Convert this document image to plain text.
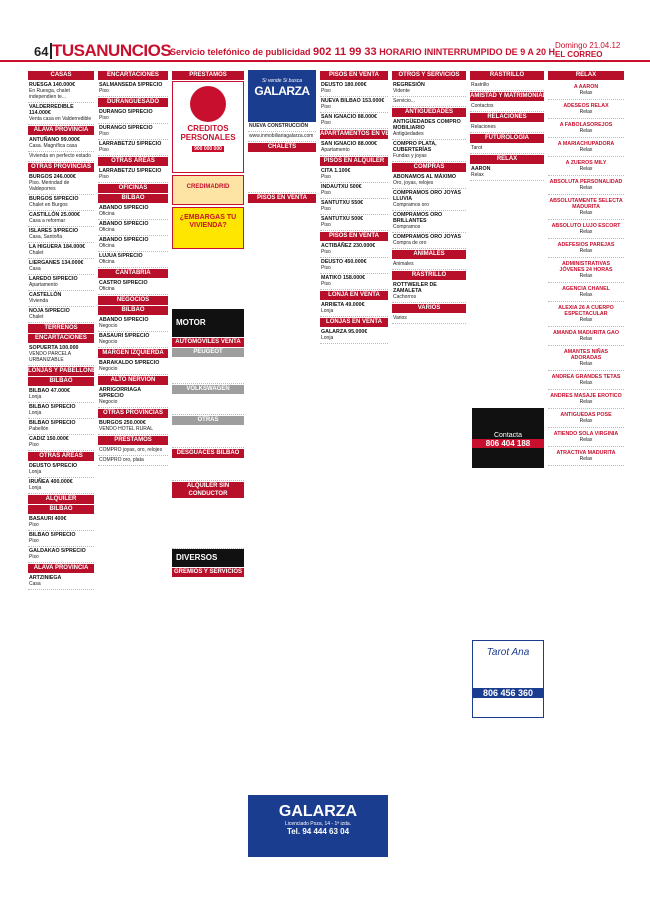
64 TUSANUNCIOS
Servicio telefónico de publicidad 902 11 99 33 HORARIO ININTERRUMPIDO DE 9 A 20 H.
Domingo 21.04.12
EL CORREO
CASAS
RUESGA 140.000€
En Ruesga, chalet independien te...
VALDERREDIBLE 114.000€
Venta casa en Valderredible
ÁLAVA PROVINCIA
ANTUÑANO 99.000€
Casa. Magnífica casa
Vivienda en perfecto estado
OTRAS PROVINCIAS
BURGOS 246.000€
Piso. Merindad de Valdeporres
BURGOS 5/PRECIO
Chalet en Burgos
CASTILLÓN 25.000€
Casa a reformar
ISLARES 3/PRECIO
Casa, Santoña
LA HIGUERA 184.000€
Chalet
LIERGANES 134.000€
Casa
LAREDO 5/PRECIO
Apartamento
CASTELLÓN
Vivienda
NOJA 5/PRECIO
Chalet
TERRENOS
ENCARTACIONES
SOPUERTA 100.000
VENDO PARCELA URBANIZABLE
LONJAS Y PABELLONES
BILBAO
BILBAO 47.000€
Lonja
BILBAO 5/PRECIO
Lonja
BILBAO 5/PRECIO
Pabellón
CADIZ 150.000€
Piso
OTRAS AREAS
DEUSTO 5/PRECIO
Lonja
IRUÑEA 400.000€
Lonja
ALQUILER
BILBAO
BASAURI 400€
Piso
BILBAO 5/PRECIO
Piso
GALDAKAO 5/PRECIO
Piso
ÁLAVA PROVINCIA
ARTZINIEGA
Casa
ENCARTACIONES
SALMANSEDA 5/PRECIO
Piso
DURANGUESADO
DURANGO 5/PRECIO
Piso
DURANGO 5/PRECIO
Piso
LARRABETZU 5/PRECIO
Piso
OTRAS ÁREAS
LARRABETZU 5/PRECIO
Piso
OFICINAS
BILBAO
ABANDO 5/PRECIO
Oficina
ABANDO 5/PRECIO
Oficina
ABANDO 5/PRECIO
Oficina
LUJUA 5/PRECIO
Oficina
CANTABRIA
CASTRO 5/PRECIO
Oficina
NEGOCIOS
BILBAO
ABANDO 5/PRECIO
Negocio
BASAURI 5/PRECIO
Negocio
MARGEN IZQUIERDA
BARAKALDO 5/PRECIO
Negocio
ALTO NERVIÓN
ARRIGORRIAGA 5/PRECIO
Negocio
OTRAS PROVINCIAS
BURGOS 250.000€
VENDO HOTEL RURAL
PRÉSTAMOS
COMPRO joyas, oro, relojes
COMPRO oro, plata
PRESTAMOS
CREDITOS PERSONALES
900 000 000
CREDIMADRID
¿EMBARGAS TU VIVIENDA?
MOTOR
AUTOMÓVILES VENTA
PEUGEOT
VOLKSWAGEN
OTRAS
DESGUACES BILBAO
ALQUILER SIN CONDUCTOR
DIVERSOS
GREMIOS Y SERVICIOS
Si vende Si busca
GALARZA
NUEVA CONSTRUCCIÓN
www.inmobiliariagalarza.com
CHALETS
PISOS EN VENTA
GALARZA
Licenciado Poza, 14 - 1ª izda.
Tel. 94 444 63 04
PISOS EN VENTA
DEUSTO 180.000€
Piso
NUEVA BILBAO 153.000€
Piso
SAN IGNACIO 88.000€
Piso
APARTAMENTOS EN VENTA
SAN IGNACIO 88.000€
Apartamento
PISOS EN ALQUILER
CITA 1.100€
Piso
INDAUTXU 500€
Piso
SANTUTXU 550€
Piso
SANTUTXU 500€
Piso
PISOS EN VENTA
ACTIBÁÑEZ 230.000€
Piso
DEUSTO 450.000€
Piso
MATIKO 158.000€
Piso
LONJA EN VENTA
ARRIETA 49.000€
Lonja
LONJAS EN VENTA
GALARZA 95.000€
Lonja
OTROS Y SERVICIOS
REGRESIÓN
Vidente
Servicio...
ANTIGÜEDADES
ANTIGÜEDADES COMPRO MOBILIARIO
Antigüedades
COMPRO PLATA, CUBERTERÍAS
Fundas y joyas
COMPRAS
ABONAMOS AL MÁXIMO
Oro, joyas, relojes
COMPRAMOS ORO JOYAS LLUVIA
Compramos oro
COMPRAMOS ORO BRILLANTES
Compramos
COMPRAMOS ORO JOYAS
Compra de oro
ANIMALES
Animales
RASTRILLO
ROTTWEILER DE ZAMALETA
Cachorros
VARIOS
Varios
RASTRILLO
Rastrillo
AMISTAD Y MATRIMONIALES
Contactos
RELACIONES
Relaciones
FUTUROLOGÍA
Tarot
RELAX
AARON
Relax
Contacta
806 404 188
Tarot Ana
806 456 360
RELAX
A AARON
Relax
ADESEOS RELAX
Relax
A FABOLASOREJOS
Relax
A MARIACHUPADORA
Relax
A ZUEROS MILY
Relax
ABSOLUTA PERSONALIDAD
Relax
ABSOLUTAMENTE SELECTA MADURITA
Relax
ABSOLUTO LUJO ESCORT
Relax
ADEFESIOS PAREJAS
Relax
ADMINISTRATIVAS JÓVENES 24 HORAS
Relax
AGENCIA CHANEL
Relax
ALEXIA 26 A CUERPO ESPECTACULAR
Relax
AMANDA MADURITA GAO
Relax
AMANTES NIÑAS ADORADAS
Relax
ANDREA GRANDES TETAS
Relax
ANDRES MASAJE EROTICO
Relax
ANTIGUEDAS POSE
Relax
ATIENDO SOLA VIRGINIA
Relax
ATRACTIVA MADURITA
Relax
